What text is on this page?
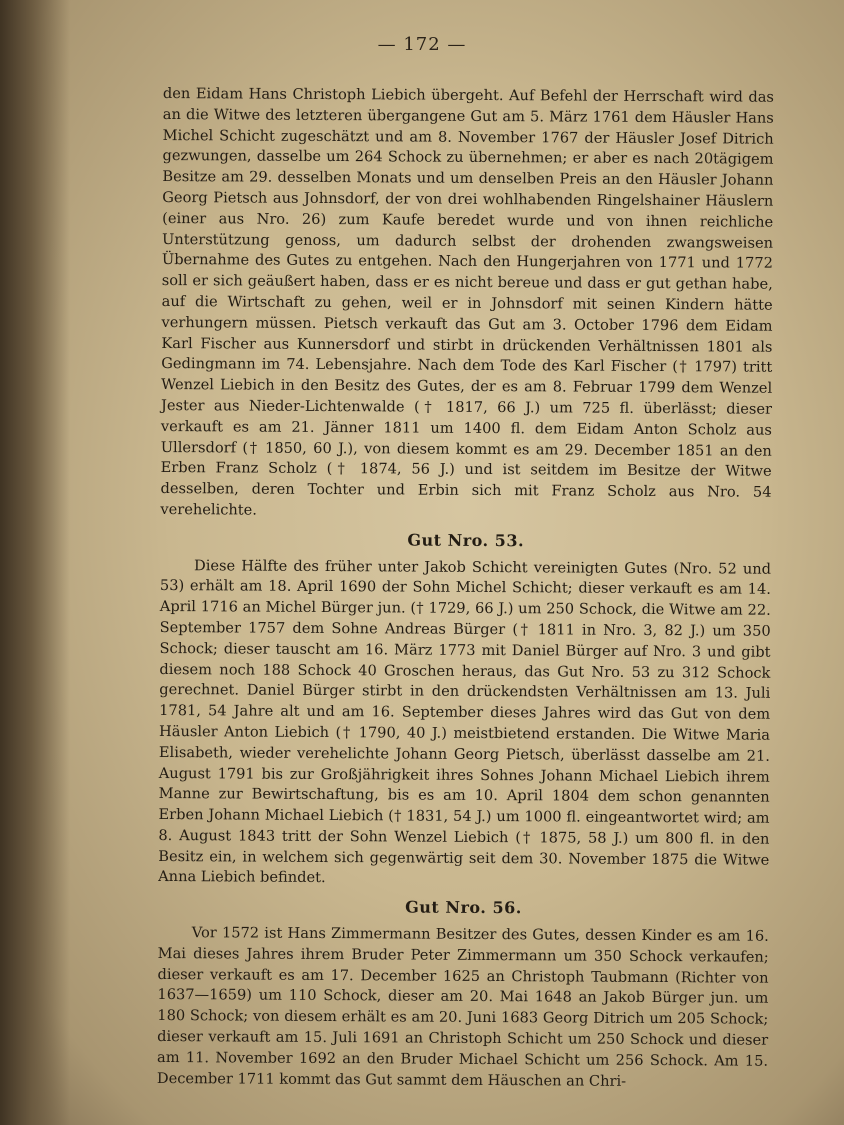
— 172 —

den Eidam Hans Christoph Liebich übergeht. Auf Befehl der Herrschaft wird das an die Witwe des letzteren übergangene Gut am 5. März 1761 dem Häusler Hans Michel Schicht zugeschätzt und am 8. November 1767 der Häusler Josef Ditrich gezwungen, dasselbe um 264 Schock zu übernehmen; er aber es nach 20tägigem Besitze am 29. desselben Monats und um denselben Preis an den Häusler Johann Georg Pietsch aus Johnsdorf, der von drei wohlhabenden Ringelshainer Häuslern (einer aus Nro. 26) zum Kaufe beredet wurde und von ihnen reichliche Unterstützung genoss, um dadurch selbst der drohenden zwangsweisen Übernahme des Gutes zu entgehen. Nach den Hungerjahren von 1771 und 1772 soll er sich geäußert haben, dass er es nicht bereue und dass er gut gethan habe, auf die Wirtschaft zu gehen, weil er in Johnsdorf mit seinen Kindern hätte verhungern müssen. Pietsch verkauft das Gut am 3. October 1796 dem Eidam Karl Fischer aus Kunnersdorf und stirbt in drückenden Verhältnissen 1801 als Gedingmann im 74. Lebensjahre. Nach dem Tode des Karl Fischer († 1797) tritt Wenzel Liebich in den Besitz des Gutes, der es am 8. Februar 1799 dem Wenzel Jester aus Nieder-Lichtenwalde († 1817, 66 J.) um 725 fl. überlässt; dieser verkauft es am 21. Jänner 1811 um 1400 fl. dem Eidam Anton Scholz aus Ullersdorf († 1850, 60 J.), von diesem kommt es am 29. December 1851 an den Erben Franz Scholz († 1874, 56 J.) und ist seitdem im Besitze der Witwe desselben, deren Tochter und Erbin sich mit Franz Scholz aus Nro. 54 verehelichte.

Gut Nro. 53.

Diese Hälfte des früher unter Jakob Schicht vereinigten Gutes (Nro. 52 und 53) erhält am 18. April 1690 der Sohn Michel Schicht; dieser verkauft es am 14. April 1716 an Michel Bürger jun. († 1729, 66 J.) um 250 Schock, die Witwe am 22. September 1757 dem Sohne Andreas Bürger († 1811 in Nro. 3, 82 J.) um 350 Schock; dieser tauscht am 16. März 1773 mit Daniel Bürger auf Nro. 3 und gibt diesem noch 188 Schock 40 Groschen heraus, das Gut Nro. 53 zu 312 Schock gerechnet. Daniel Bürger stirbt in den drückendsten Verhältnissen am 13. Juli 1781, 54 Jahre alt und am 16. September dieses Jahres wird das Gut von dem Häusler Anton Liebich († 1790, 40 J.) meistbietend erstanden. Die Witwe Maria Elisabeth, wieder verehelichte Johann Georg Pietsch, überlässt dasselbe am 21. August 1791 bis zur Großjährigkeit ihres Sohnes Johann Michael Liebich ihrem Manne zur Bewirtschaftung, bis es am 10. April 1804 dem schon genannten Erben Johann Michael Liebich († 1831, 54 J.) um 1000 fl. eingeantwortet wird; am 8. August 1843 tritt der Sohn Wenzel Liebich († 1875, 58 J.) um 800 fl. in den Besitz ein, in welchem sich gegenwärtig seit dem 30. November 1875 die Witwe Anna Liebich befindet.

Gut Nro. 56.

Vor 1572 ist Hans Zimmermann Besitzer des Gutes, dessen Kinder es am 16. Mai dieses Jahres ihrem Bruder Peter Zimmermann um 350 Schock verkaufen; dieser verkauft es am 17. December 1625 an Christoph Taubmann (Richter von 1637—1659) um 110 Schock, dieser am 20. Mai 1648 an Jakob Bürger jun. um 180 Schock; von diesem erhält es am 20. Juni 1683 Georg Ditrich um 205 Schock; dieser verkauft am 15. Juli 1691 an Christoph Schicht um 250 Schock und dieser am 11. November 1692 an den Bruder Michael Schicht um 256 Schock. Am 15. December 1711 kommt das Gut sammt dem Häuschen an Chri-
